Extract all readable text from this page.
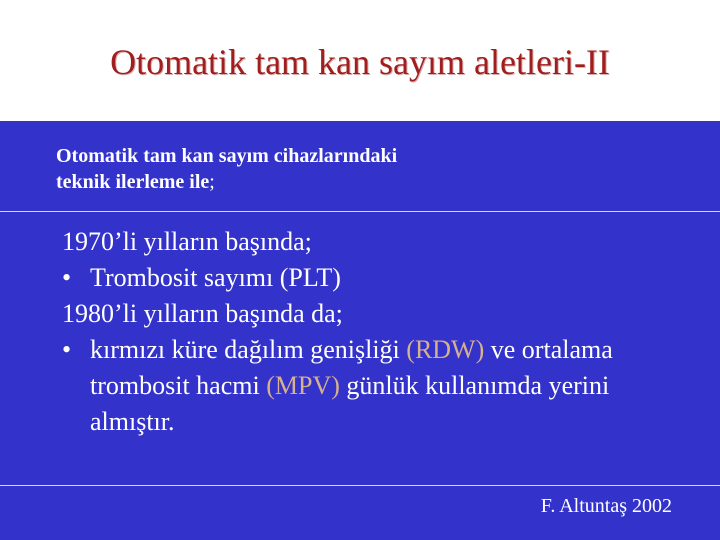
Otomatik tam kan sayım aletleri-II
Otomatik tam kan sayım cihazlarındaki
teknik ilerleme ile;
1970’li yılların başında;
• Trombosit sayımı (PLT)
1980’li yılların başında da;
• kırmızı küre dağılım genişliği (RDW) ve ortalama trombosit hacmi (MPV) günlük kullanımda yerini almıştır.
F. Altuntaş 2002
